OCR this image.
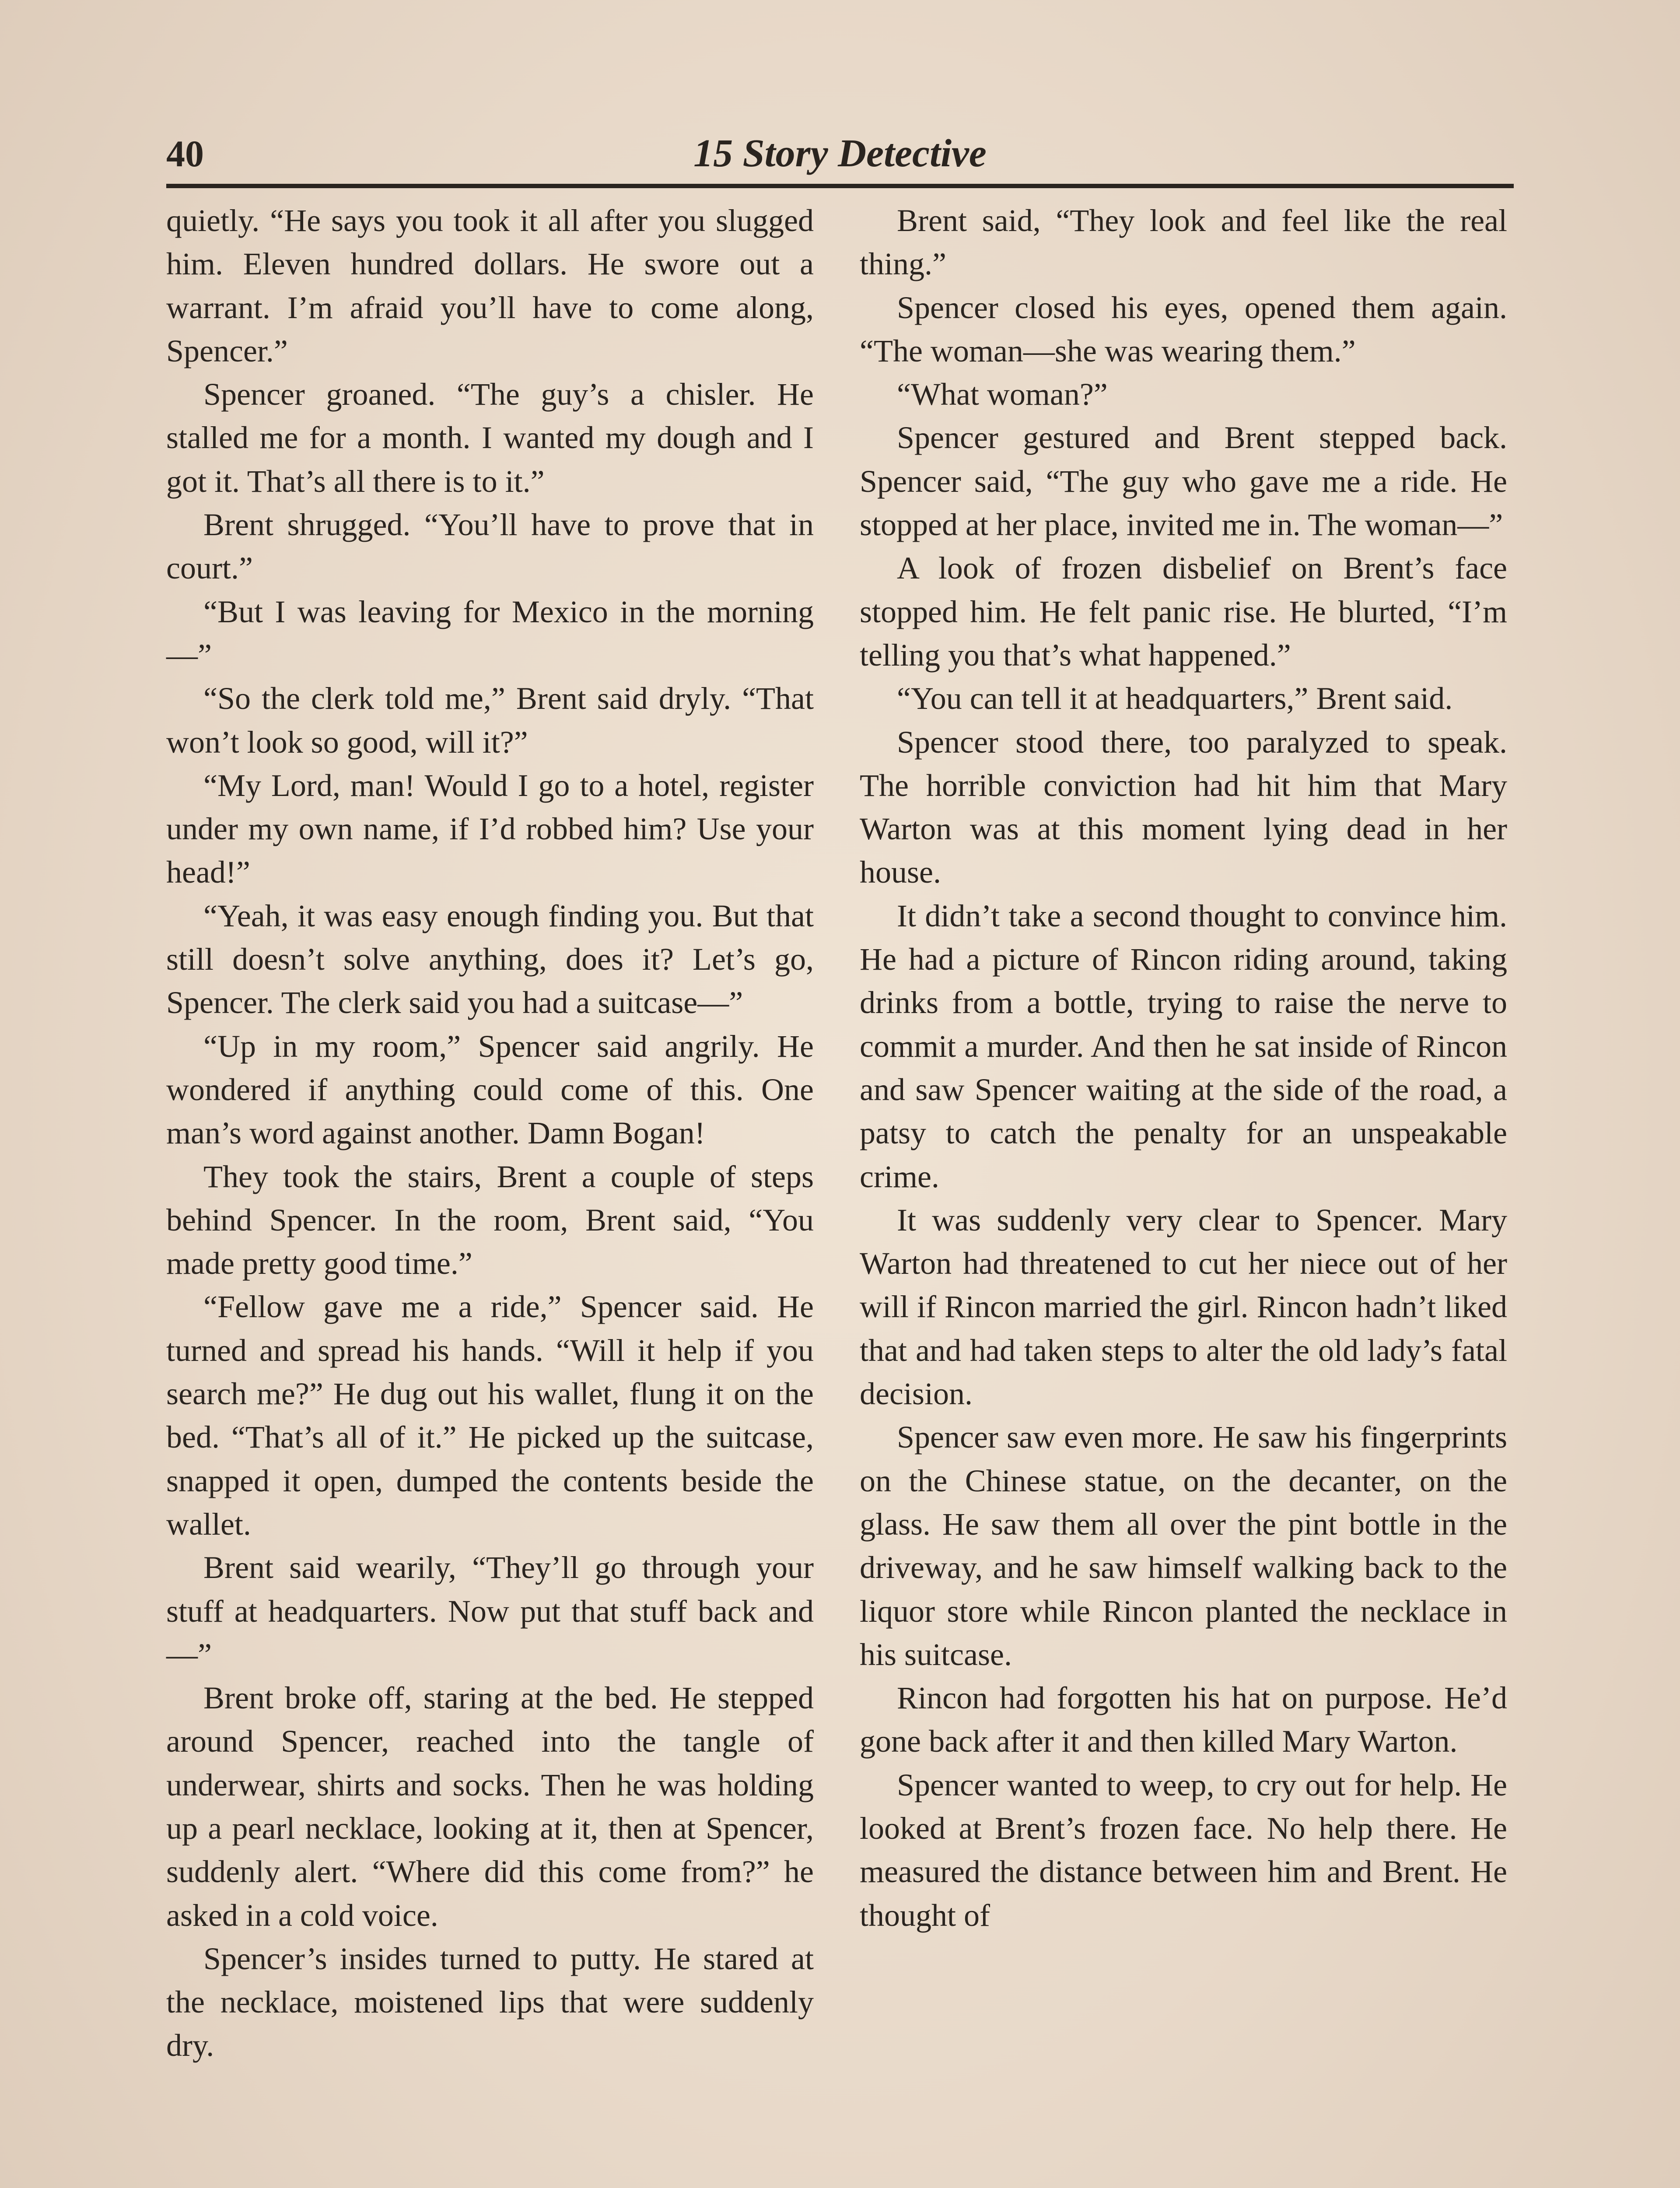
40	15 Story Detective

quietly. “He says you took it all after you slugged him. Eleven hundred dollars. He swore out a warrant. I’m afraid you’ll have to come along, Spencer.”

Spencer groaned. “The guy’s a chisler. He stalled me for a month. I wanted my dough and I got it. That’s all there is to it.”

Brent shrugged. “You’ll have to prove that in court.”

“But I was leaving for Mexico in the morning—”

“So the clerk told me,” Brent said dryly. “That won’t look so good, will it?”

“My Lord, man! Would I go to a hotel, register under my own name, if I’d robbed him? Use your head!”

“Yeah, it was easy enough finding you. But that still doesn’t solve anything, does it? Let’s go, Spencer. The clerk said you had a suitcase—”

“Up in my room,” Spencer said angrily. He wondered if anything could come of this. One man’s word against another. Damn Bogan!

They took the stairs, Brent a couple of steps behind Spencer. In the room, Brent said, “You made pretty good time.”

“Fellow gave me a ride,” Spencer said. He turned and spread his hands. “Will it help if you search me?” He dug out his wallet, flung it on the bed. “That’s all of it.” He picked up the suitcase, snapped it open, dumped the contents beside the wallet.

Brent said wearily, “They’ll go through your stuff at headquarters. Now put that stuff back and—”

Brent broke off, staring at the bed. He stepped around Spencer, reached into the tangle of underwear, shirts and socks. Then he was holding up a pearl necklace, looking at it, then at Spencer, suddenly alert. “Where did this come from?” he asked in a cold voice.

Spencer’s insides turned to putty. He stared at the necklace, moistened lips that were suddenly dry.

Brent said, “They look and feel like the real thing.”

Spencer closed his eyes, opened them again. “The woman—she was wearing them.”

“What woman?”

Spencer gestured and Brent stepped back. Spencer said, “The guy who gave me a ride. He stopped at her place, invited me in. The woman—”

A look of frozen disbelief on Brent’s face stopped him. He felt panic rise. He blurted, “I’m telling you that’s what happened.”

“You can tell it at headquarters,” Brent said.

Spencer stood there, too paralyzed to speak. The horrible conviction had hit him that Mary Warton was at this moment lying dead in her house.

It didn’t take a second thought to convince him. He had a picture of Rincon riding around, taking drinks from a bottle, trying to raise the nerve to commit a murder. And then he sat inside of Rincon and saw Spencer waiting at the side of the road, a patsy to catch the penalty for an unspeakable crime.

It was suddenly very clear to Spencer. Mary Warton had threatened to cut her niece out of her will if Rincon married the girl. Rincon hadn’t liked that and had taken steps to alter the old lady’s fatal decision.

Spencer saw even more. He saw his fingerprints on the Chinese statue, on the decanter, on the glass. He saw them all over the pint bottle in the driveway, and he saw himself walking back to the liquor store while Rincon planted the necklace in his suitcase.

Rincon had forgotten his hat on purpose. He’d gone back after it and then killed Mary Warton.

Spencer wanted to weep, to cry out for help. He looked at Brent’s frozen face. No help there. He measured the distance between him and Brent. He thought of
